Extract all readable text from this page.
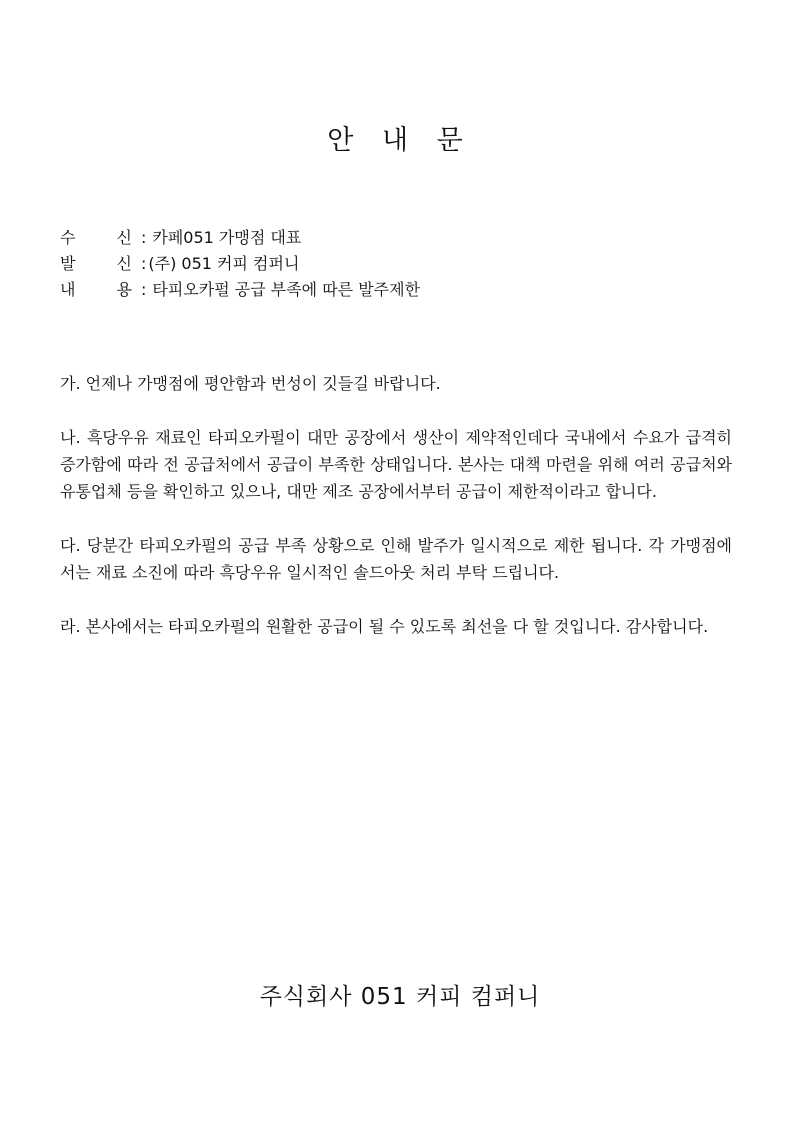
안 내 문
수	신 : 카페051 가맹점 대표
발	신 : (주) 051 커피 컴퍼니
내	용 : 타피오카펄 공급 부족에 따른 발주제한

가. 언제나 가맹점에 평안함과 번성이 깃들길 바랍니다.

나. 흑당우유 재료인 타피오카펄이 대만 공장에서 생산이 제약적인데다 국내에서 수요가 급격히 증가함에 따라 전 공급처에서 공급이 부족한 상태입니다. 본사는 대책 마련을 위해 여러 공급처와 유통업체 등을 확인하고 있으나, 대만 제조 공장에서부터 공급이 제한적이라고 합니다.

다. 당분간 타피오카펄의 공급 부족 상황으로 인해 발주가 일시적으로 제한 됩니다. 각 가맹점에서는 재료 소진에 따라 흑당우유 일시적인 솔드아웃 처리 부탁 드립니다.

라. 본사에서는 타피오카펄의 원활한 공급이 될 수 있도록 최선을 다 할 것입니다. 감사합니다.

주식회사 051 커피 컴퍼니
